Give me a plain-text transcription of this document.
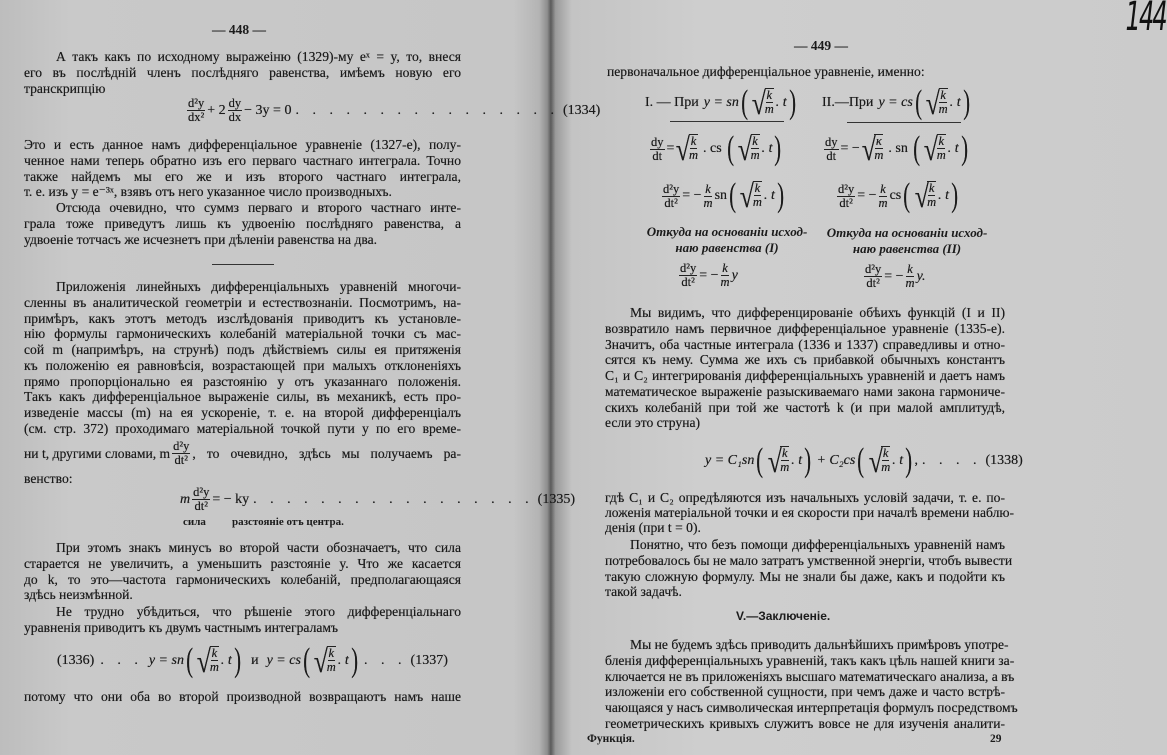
— 448 —
А такъ какъ по исходному выражеіню (1329)-му eˣ = y, то, внеся
его въ послѣдній членъ послѣдняго равенства, имѣемъ новую его
транскрипцію
Это и есть данное намъ дифференціальное уравненіе (1327-е), полу-
ченное нами теперь обратно изъ его перваго частнаго интеграла. Точно
также найдемъ мы его же и изъ второго частнаго интеграла,
т. е. изъ y = e⁻³ˣ, взявъ отъ него указанное число производныхъ.
Отсюда очевидно, что суммз перваго и второго частнаго инте-
грала тоже приведутъ лишь къ удвоенію послѣдняго равенства, а
удвоеніе тотчасъ же исчезнетъ при дѣленіи равенства на два.
Приложенія линейныхъ дифференціальныхъ уравненій многочи-
сленны въ аналитической геометріи и естествознаніи. Посмотримъ, на-
примѣръ, какъ этотъ методъ изслѣдованія приводитъ къ установле-
нію формулы гармоническихъ колебаній матеріальной точки съ мас-
сой m (напримѣръ, на струнѣ) подъ дѣйствіемъ силы ея притяженія
къ положенію ея равновѣсія, возрастающей при малыхъ отклоненіяхъ
прямо пропорціонально ея разстоянію y отъ указаннаго положенія.
Такъ какъ дифференціальное выраженіе силы, въ механикѣ, есть про-
изведеніе массы (m) на ея ускореніе, т. е. на второй дифференціалъ
(см. стр. 372) проходимаго матеріальной точкой пути y по его време-
венство:
При этомъ знакъ минусъ во второй части обозначаетъ, что сила
старается не увеличить, а уменьшить разстояніе y. Что же касается
до k, то это—частота гармоническихъ колебаній, предполагающаяся
здѣсь неизмѣнной.
Не трудно убѣдиться, что рѣшеніе этого дифференціальнаго
уравненія приводитъ къ двумъ частнымъ интеграламъ
потому что они оба во второй производной возвращаютъ намъ наше
$\frac{\text{d²y}}{\text{dx²}} + 2 \frac{dy}{dx} - 3y = 0$ . . . . . . . . . . . . . . . . (1334)
ни t, другими словами, m $\frac{\text{d²y}}{\text{dt²}}$ , то очевидно, здѣсь мы получаемъ ра-
m $\frac{\text{d²y}}{\text{dt²}}$ = − ky . . . . . . . . . . . . . . . . . (1335)
сила разстояніе отъ центра.
(1336) . . . y = sn ( √
$\frac{k}{m}$ . t
) и y = cs ( √
$\frac{k}{m}$ . t
) . . . (1337)
— 449 —
144
первоначальное дифференціальное уравненіе, именно:
Мы видимъ, что дифференцированіе обѣихъ функцій (I и II)
возвратило намъ первичное дифференціальное уравненіе (1335-е).
Значитъ, оба частные интеграла (1336 и 1337) справедливы и отно-
сятся къ нему. Сумма же ихъ съ прибавкой обычныхъ константъ
C₁ и C₂ интегрированія дифференціальныхъ уравненій и даетъ намъ
математическое выраженіе разыскиваемаго нами закона гармониче-
скихъ колебаній при той же частотѣ k (и при малой амплитудѣ,
если это струна)
гдѣ C₁ и C₂ опредѣляются изъ начальныхъ условій задачи, т. е. по-
ложенія матеріальной точки и ея скорости при началѣ времени наблю-
денія (при t = 0).
Понятно, что безъ помощи дифференціальныхъ уравненій намъ
потребовалось бы не мало затратъ умственной энергіи, чтобъ вывести
такую сложную формулу. Мы не знали бы даже, какъ и подойти къ
такой задачѣ.
Мы не будемъ здѣсь приводить дальнѣйшихъ примѣровъ употре-
бленія дифференціальныхъ уравненій, такъ какъ цѣль нашей книги за-
ключается не въ приложеніяхъ высшаго математическаго анализа, а въ
изложеніи его собственной сущности, при чемъ даже и часто встрѣ-
чающаяся у насъ символическая интерпретація формулъ посредствомъ
геометрическихъ кривыхъ служитъ вовсе не для изученія аналити-
I. — При y = sn ( √
$\frac{k}{m}$ . t
)
$\frac{dy}{dt}$ = √
$\frac{k}{m}$ . cs ( √
$\frac{k}{m}$ . t
)
$\frac{\text{d²y}}{\text{dt²}}$ = − $\frac{k}{m}$ sn ( √
$\frac{k}{m}$ . t
)
Откуда на основаніи исход-
наю равенства (I)
$\frac{\text{d²y}}{\text{dt²}}$ = − $\frac{k}{m}$ y
II.—При y = cs ( √
$\frac{k}{m}$ . t
)
$\frac{dy}{dt}$ = − √
$\frac{\kappa}{m}$ . sn ( √
$\frac{k}{m}$ . t
)
$\frac{\text{d²y}}{\text{dt²}}$ = − $\frac{k}{m}$ cs ( √
$\frac{k}{m}$ . t
)
Откуда на основаніи исход-
наю равенства (II)
$\frac{\text{d²y}}{\text{dt²}}$ = − $\frac{k}{m} y$.
y = C₁sn ( √
$\frac{k}{m}$ . t
) + C₂cs ( √
$\frac{k}{m}$ . t
) , . . . . (1338)
V.—Заключеніе.
Функція.	29
